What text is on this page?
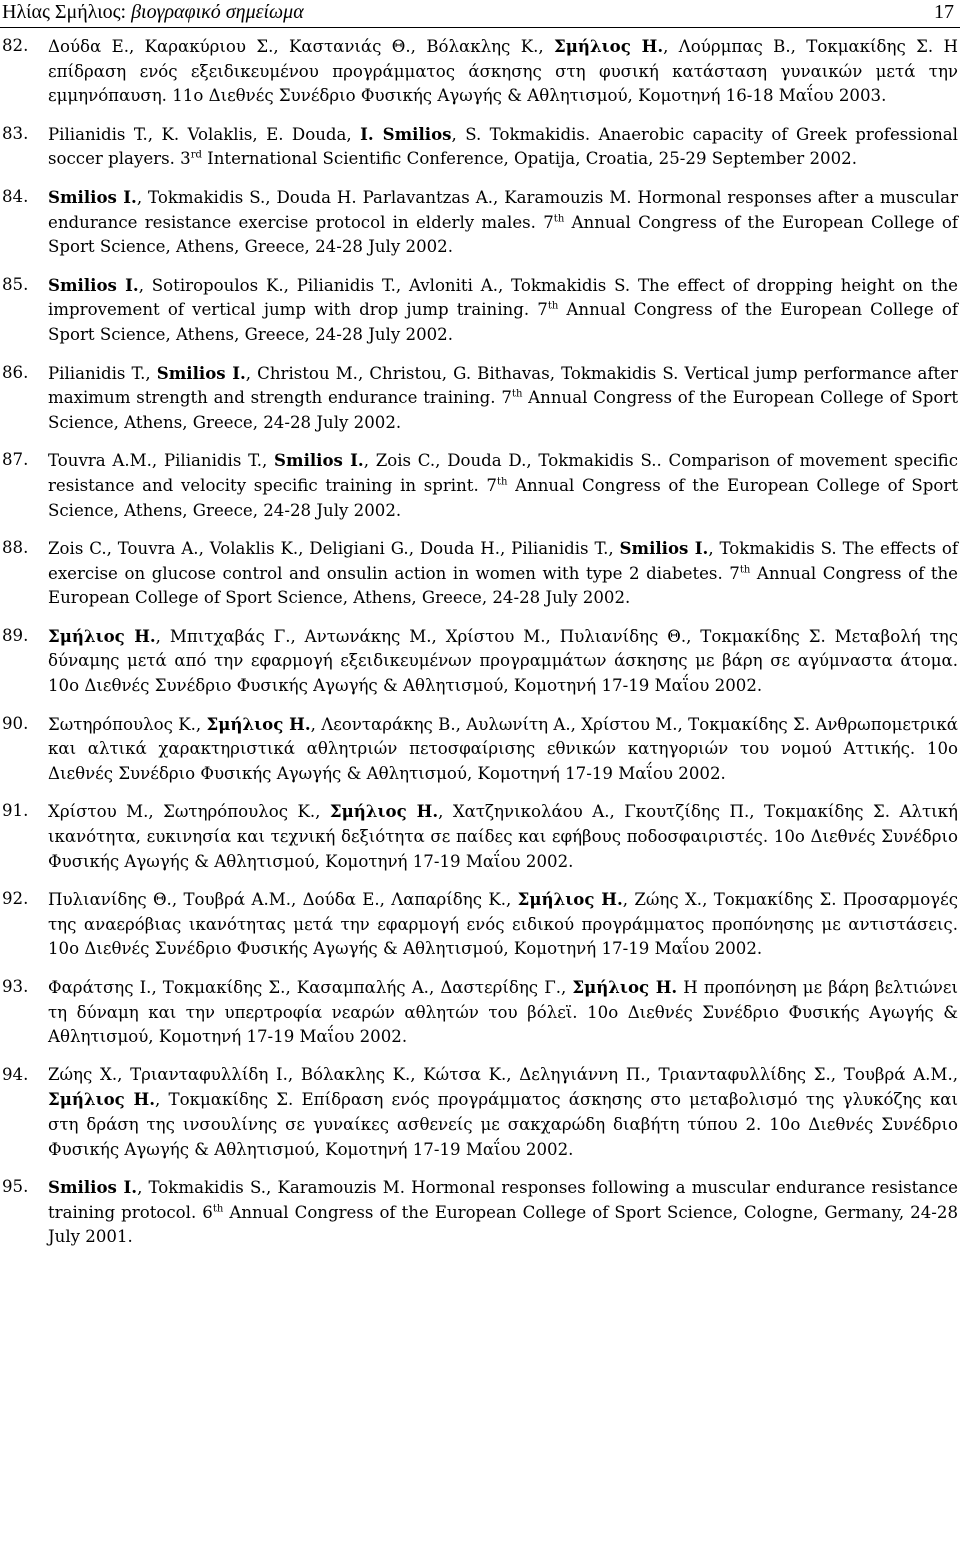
Ηλίας Σμήλιος: βιογραφικό σημείωμα	17
82. Δούδα Ε., Καρακύριου Σ., Καστανιάς Θ., Βόλακλης Κ., Σμήλιος Η., Λούρμπας Β., Τοκμακίδης Σ. Η επίδραση ενός εξειδικευμένου προγράμματος άσκησης στη φυσική κατάσταση γυναικών μετά την εμμηνόπαυση. 11ο Διεθνές Συνέδριο Φυσικής Αγωγής & Αθλητισμού, Κομοτηνή 16-18 Μαΐου 2003.
83. Pilianidis T., K. Volaklis, E. Douda, I. Smilios, S. Tokmakidis. Anaerobic capacity of Greek professional soccer players. 3rd International Scientific Conference, Opatija, Croatia, 25-29 September 2002.
84. Smilios I., Tokmakidis S., Douda H. Parlavantzas A., Karamouzis M. Hormonal responses after a muscular endurance resistance exercise protocol in elderly males. 7th Annual Congress of the European College of Sport Science, Athens, Greece, 24-28 July 2002.
85. Smilios I., Sotiropoulos K., Pilianidis T., Avloniti A., Tokmakidis S. The effect of dropping height on the improvement of vertical jump with drop jump training. 7th Annual Congress of the European College of Sport Science, Athens, Greece, 24-28 July 2002.
86. Pilianidis T., Smilios I., Christou M., Christou, G. Bithavas, Tokmakidis S. Vertical jump performance after maximum strength and strength endurance training. 7th Annual Congress of the European College of Sport Science, Athens, Greece, 24-28 July 2002.
87. Touvra A.M., Pilianidis T., Smilios I., Zois C., Douda D., Tokmakidis S.. Comparison of movement specific resistance and velocity specific training in sprint. 7th Annual Congress of the European College of Sport Science, Athens, Greece, 24-28 July 2002.
88. Zois C., Touvra A., Volaklis K., Deligiani G., Douda H., Pilianidis T., Smilios I., Tokmakidis S. The effects of exercise on glucose control and onsulin action in women with type 2 diabetes. 7th Annual Congress of the European College of Sport Science, Athens, Greece, 24-28 July 2002.
89. Σμήλιος Η., Μπιτχαβάς Γ., Αντωνάκης Μ., Χρίστου Μ., Πυλιανίδης Θ., Τοκμακίδης Σ. Μεταβολή της δύναμης μετά από την εφαρμογή εξειδικευμένων προγραμμάτων άσκησης με βάρη σε αγύμναστα άτομα. 10ο Διεθνές Συνέδριο Φυσικής Αγωγής & Αθλητισμού, Κομοτηνή 17-19 Μαΐου 2002.
90. Σωτηρόπουλος Κ., Σμήλιος Η., Λεονταράκης Β., Αυλωνίτη Α., Χρίστου Μ., Τοκμακίδης Σ. Ανθρωπομετρικά και αλτικά χαρακτηριστικά αθλητριών πετοσφαίρισης εθνικών κατηγοριών του νομού Αττικής. 10ο Διεθνές Συνέδριο Φυσικής Αγωγής & Αθλητισμού, Κομοτηνή 17-19 Μαΐου 2002.
91. Χρίστου Μ., Σωτηρόπουλος Κ., Σμήλιος Η., Χατζηνικολάου Α., Γκουτζίδης Π., Τοκμακίδης Σ. Αλτική ικανότητα, ευκινησία και τεχνική δεξιότητα σε παίδες και εφήβους ποδοσφαιριστές. 10ο Διεθνές Συνέδριο Φυσικής Αγωγής & Αθλητισμού, Κομοτηνή 17-19 Μαΐου 2002.
92. Πυλιανίδης Θ., Τουβρά Α.Μ., Δούδα Ε., Λαπαρίδης Κ., Σμήλιος Η., Ζώης Χ., Τοκμακίδης Σ. Προσαρμογές της αναερόβιας ικανότητας μετά την εφαρμογή ενός ειδικού προγράμματος προπόνησης με αντιστάσεις. 10ο Διεθνές Συνέδριο Φυσικής Αγωγής & Αθλητισμού, Κομοτηνή 17-19 Μαΐου 2002.
93. Φαράτσης Ι., Τοκμακίδης Σ., Κασαμπαλής Α., Δαστερίδης Γ., Σμήλιος Η. Η προπόνηση με βάρη βελτιώνει τη δύναμη και την υπερτροφία νεαρών αθλητών του βόλεϊ. 10ο Διεθνές Συνέδριο Φυσικής Αγωγής & Αθλητισμού, Κομοτηνή 17-19 Μαΐου 2002.
94. Ζώης Χ., Τριανταφυλλίδη Ι., Βόλακλης Κ., Κώτσα Κ., Δεληγιάννη Π., Τριανταφυλλίδης Σ., Τουβρά Α.Μ., Σμήλιος Η., Τοκμακίδης Σ. Επίδραση ενός προγράμματος άσκησης στο μεταβολισμό της γλυκόζης και στη δράση της ινσουλίνης σε γυναίκες ασθενείς με σακχαρώδη διαβήτη τύπου 2. 10ο Διεθνές Συνέδριο Φυσικής Αγωγής & Αθλητισμού, Κομοτηνή 17-19 Μαΐου 2002.
95. Smilios I., Tokmakidis S., Karamouzis M. Hormonal responses following a muscular endurance resistance training protocol. 6th Annual Congress of the European College of Sport Science, Cologne, Germany, 24-28 July 2001.
